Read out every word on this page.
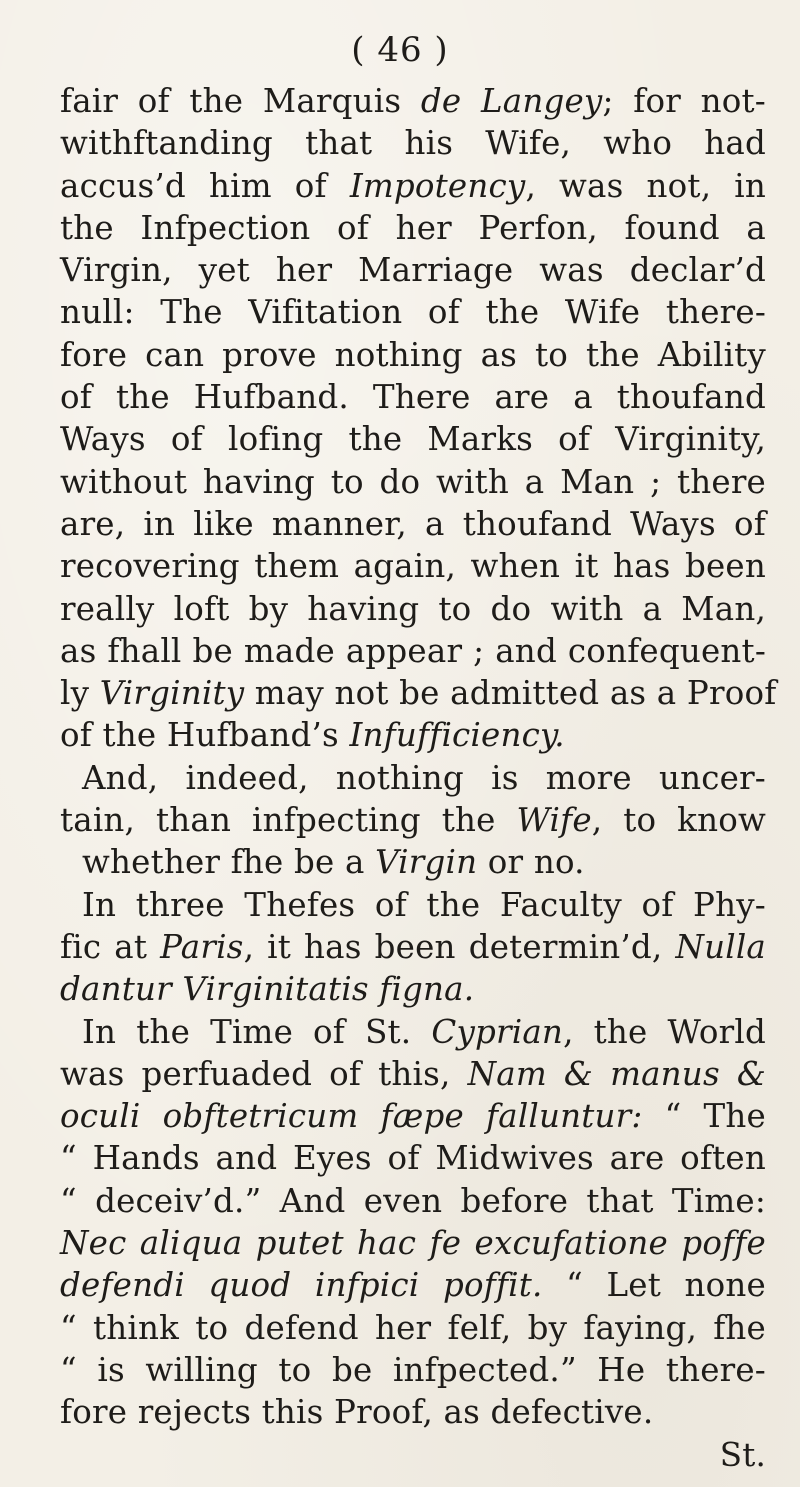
( 46 )
fair of the Marquis de Langey; for not-
withftanding that his Wife, who had
accus’d him of Impotency, was not, in
the Infpection of her Perfon, found a
Virgin, yet her Marriage was declar’d
null: The Vifitation of the Wife there-
fore can prove nothing as to the Ability
of the Hufband. There are a thoufand
Ways of lofing the Marks of Virginity,
without having to do with a Man ; there
are, in like manner, a thoufand Ways of
recovering them again, when it has been
really loft by having to do with a Man,
as fhall be made appear ; and confequent-
ly Virginity may not be admitted as a Proof
of the Hufband’s Infufficiency.
And, indeed, nothing is more uncer-
tain, than infpecting the Wife, to know
whether fhe be a Virgin or no.
In three Thefes of the Faculty of Phy-
fic at Paris, it has been determin’d, Nulla
dantur Virginitatis figna.
In the Time of St. Cyprian, the World
was perfuaded of this, Nam & manus &
oculi obftetricum fæpe falluntur: “ The
“ Hands and Eyes of Midwives are often
“ deceiv’d.” And even before that Time:
Nec aliqua putet hac fe excufatione poffe
defendi quod infpici poffit. “ Let none
“ think to defend her felf, by faying, fhe
“ is willing to be infpected.” He there-
fore rejects this Proof, as defective.
St.
